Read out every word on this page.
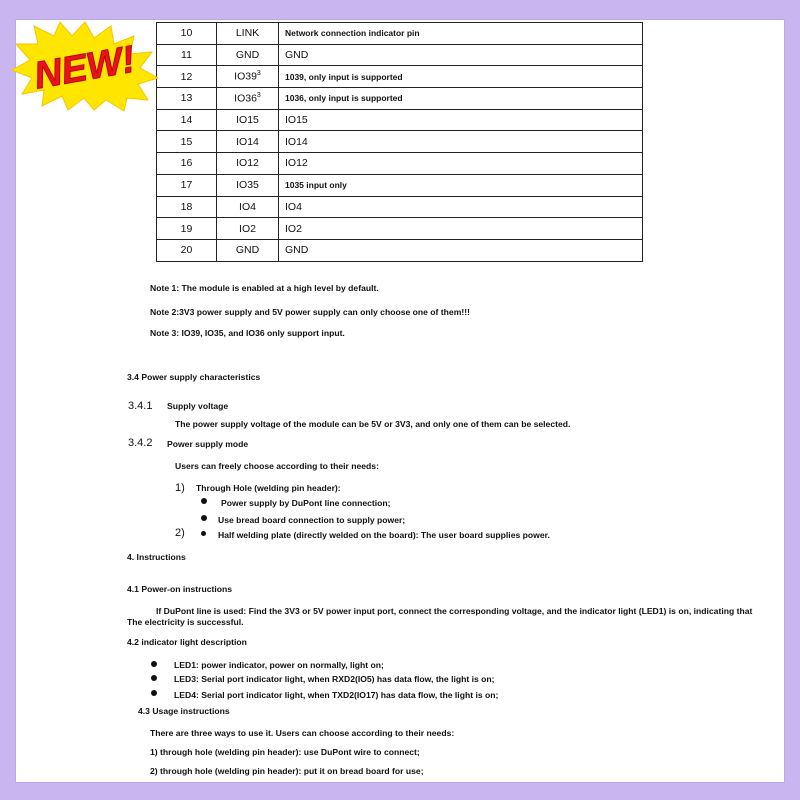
NEW!
10	LINK	Network connection indicator pin
11	GND	GND
12	$IO39^3$	1039, only input is supported
13	$IO36^3$	1036, only input is supported
14	IO15	IO15
15	IO14	IO14
16	IO12	IO12
17	IO35	1035 input only
18	IO4	IO4
19	IO2	IO2
20	GND	GND
Note 1: The module is enabled at a high level by default.
Note 2:3V3 power supply and 5V power supply can only choose one of them!!!
Note 3: IO39, IO35, and IO36 only support input.
3.4 Power supply characteristics
3.4.1 Supply voltage
The power supply voltage of the module can be 5V or 3V3, and only one of them can be selected.
3.4.2 Power supply mode
Users can freely choose according to their needs:
1) Through Hole (welding pin header):
Power supply by DuPont line connection;
Use bread board connection to supply power;
2)	Half welding plate (directly welded on the board): The user board supplies power.
4. Instructions
4.1 Power-on instructions
If DuPont line is used: Find the 3V3 or 5V power input port, connect the corresponding voltage, and the indicator light (LED1) is on, indicating that
The electricity is successful.
4.2 indicator light description
LED1: power indicator, power on normally, light on;
LED3: Serial port indicator light, when RXD2(IO5) has data flow, the light is on;
LED4: Serial port indicator light, when TXD2(IO17) has data flow, the light is on;
4.3 Usage instructions
There are three ways to use it. Users can choose according to their needs:
1) through hole (welding pin header): use DuPont wire to connect;
2) through hole (welding pin header): put it on bread board for use;
